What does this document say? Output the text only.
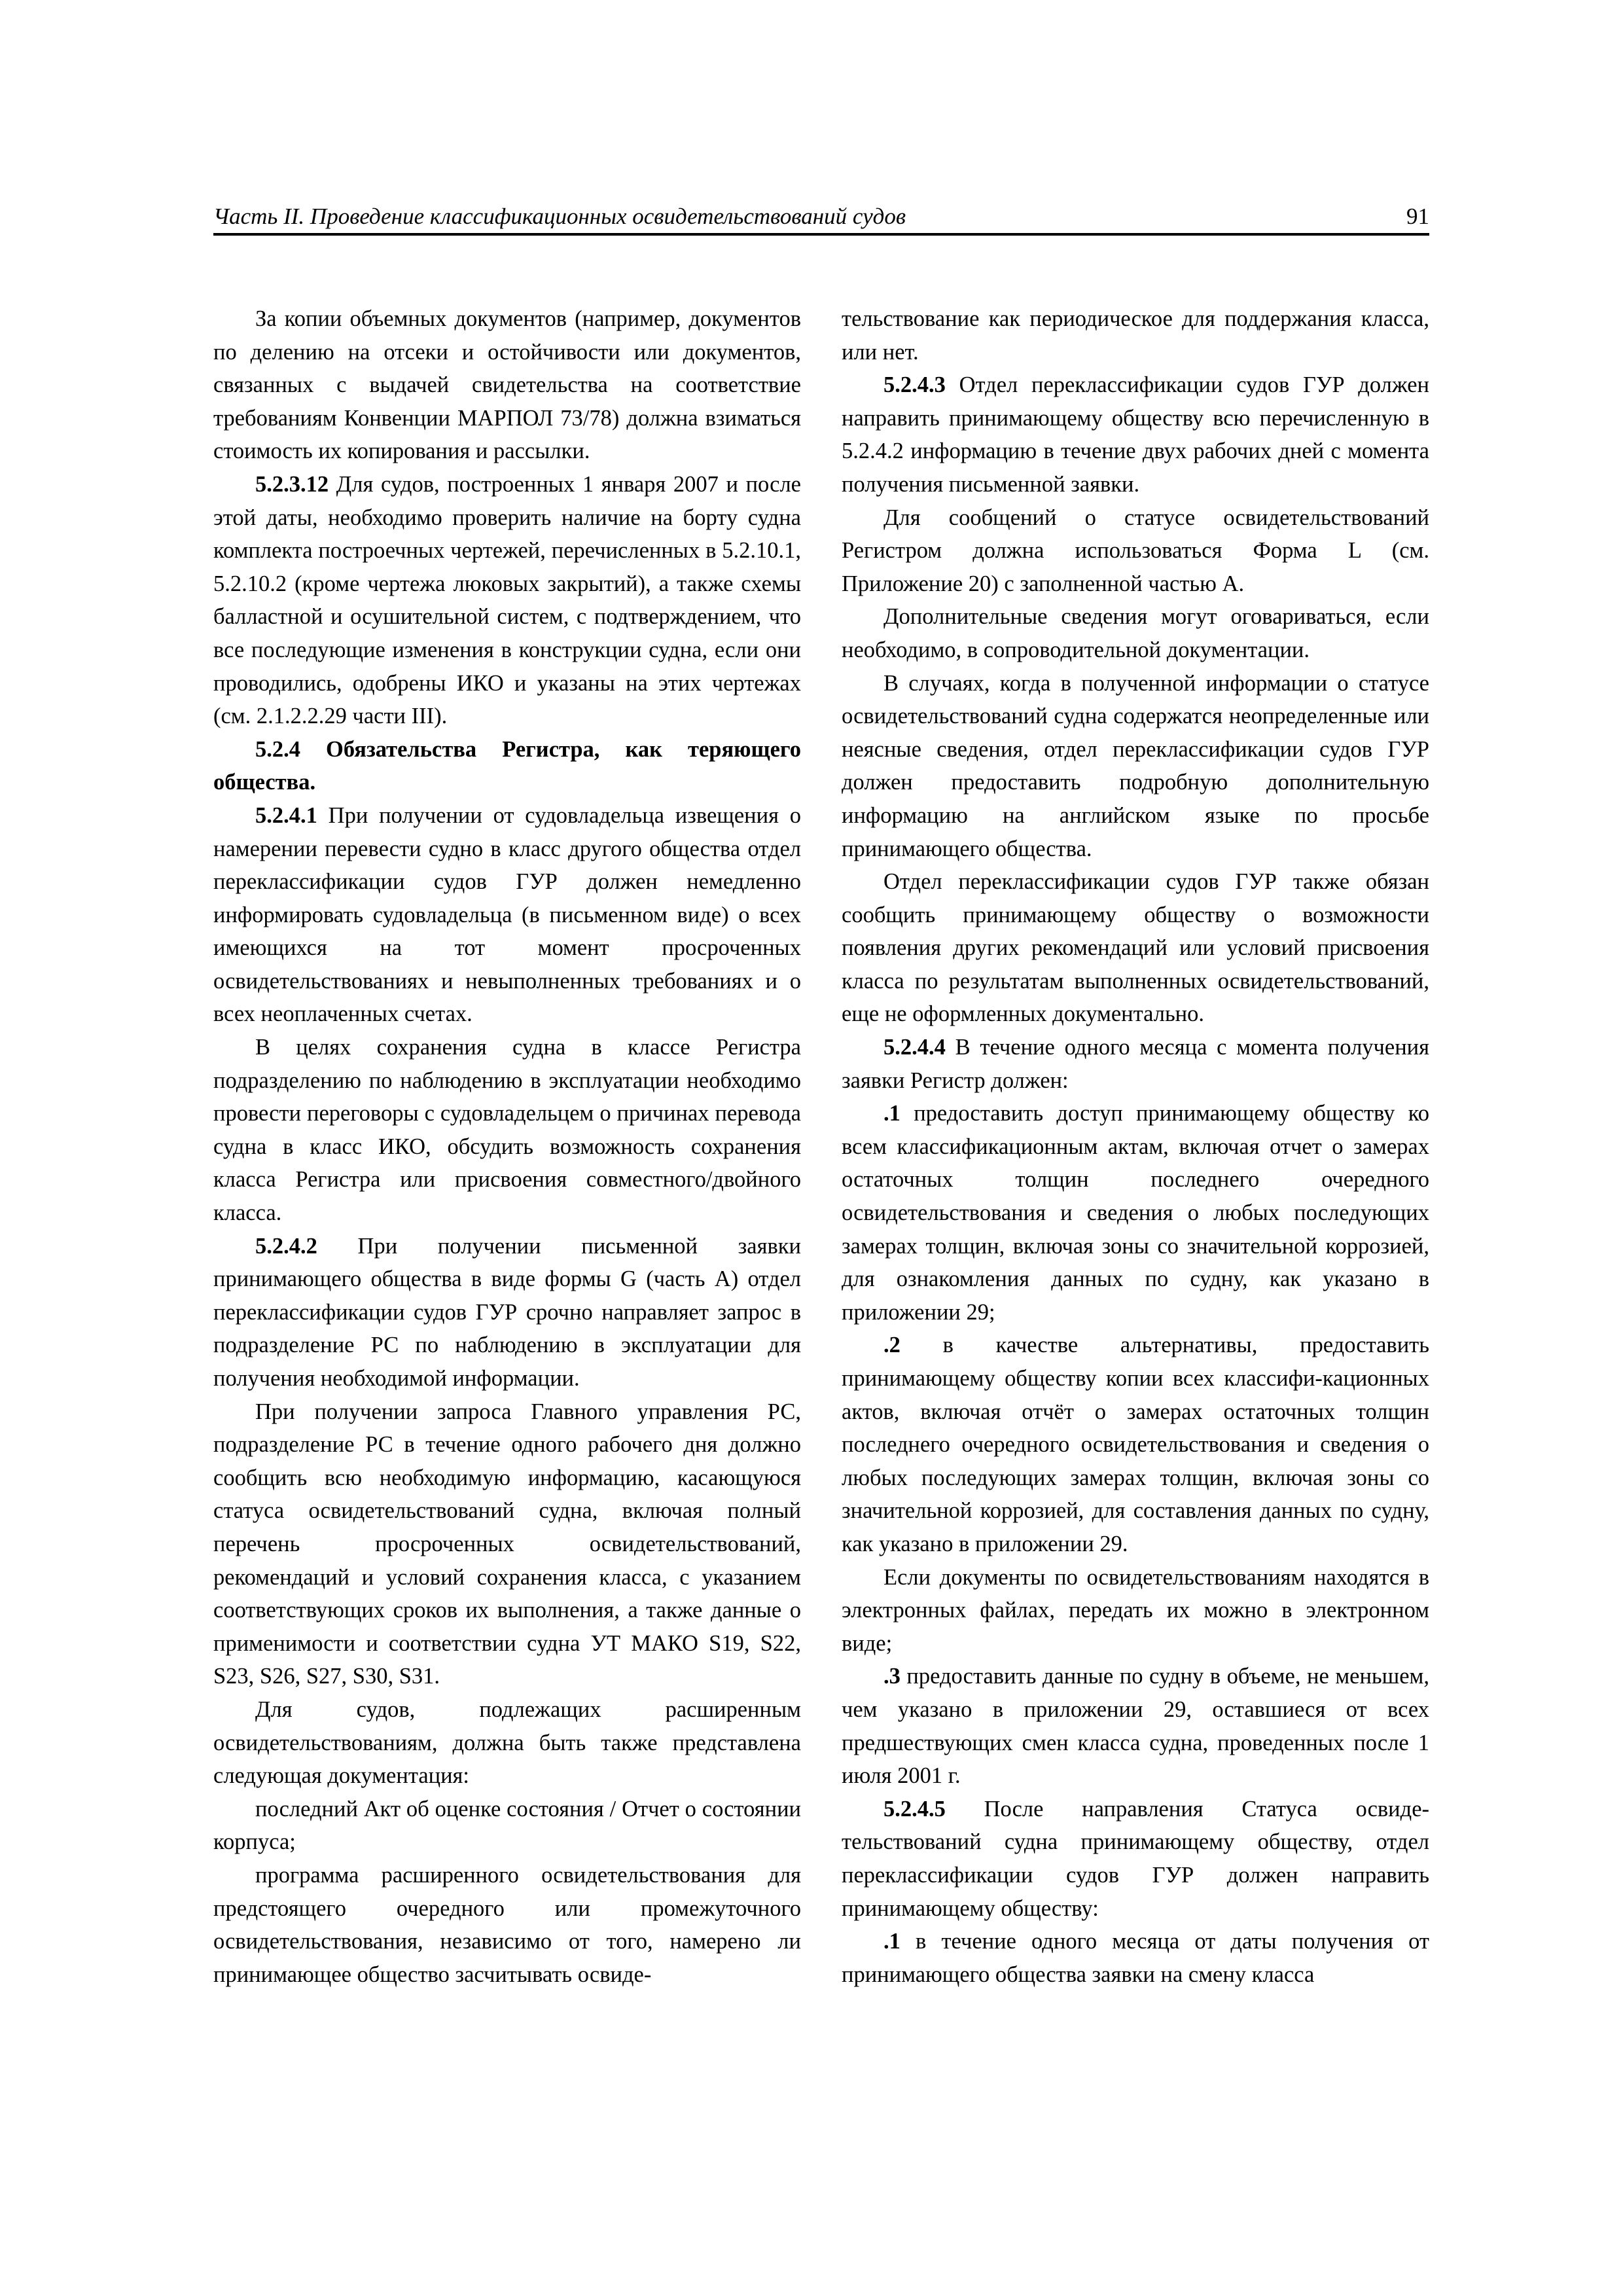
Часть II. Проведение классификационных освидетельствований судов	91

За копии объемных документов (например, документов по делению на отсеки и остойчивости или документов, связанных с выдачей свидетельства на соответствие требованиям Конвенции МАРПОЛ 73/78) должна взиматься стоимость их копирования и рассылки.

5.2.3.12 Для судов, построенных 1 января 2007 и после этой даты, необходимо проверить наличие на борту судна комплекта построечных чертежей, перечисленных в 5.2.10.1, 5.2.10.2 (кроме чертежа люковых закрытий), а также схемы балластной и осушительной систем, с подтверждением, что все последующие изменения в конструкции судна, если они проводились, одобрены ИКО и указаны на этих чертежах (см. 2.1.2.2.29 части III).

5.2.4 Обязательства Регистра, как теряющего общества.

5.2.4.1 При получении от судовладельца извещения о намерении перевести судно в класс другого общества отдел переклассификации судов ГУР должен немедленно информировать судовладельца (в письменном виде) о всех имеющихся на тот момент просроченных освидетельствованиях и невыполненных требованиях и о всех неоплаченных счетах.

В целях сохранения судна в классе Регистра подразделению по наблюдению в эксплуатации необходимо провести переговоры с судовладельцем о причинах перевода судна в класс ИКО, обсудить возможность сохранения класса Регистра или присвоения совместного/двойного класса.

5.2.4.2 При получении письменной заявки принимающего общества в виде формы G (часть A) отдел переклассификации судов ГУР срочно направляет запрос в подразделение РС по наблюдению в эксплуатации для получения необходимой информации.

При получении запроса Главного управления РС, подразделение РС в течение одного рабочего дня должно сообщить всю необходимую информацию, касающуюся статуса освидетельствований судна, включая полный перечень просроченных освидетельствований, рекомендаций и условий сохранения класса, с указанием соответствующих сроков их выполнения, а также данные о применимости и соответствии судна УТ МАКО S19, S22, S23, S26, S27, S30, S31.

Для судов, подлежащих расширенным освидетельствованиям, должна быть также представлена следующая документация:

последний Акт об оценке состояния / Отчет о состоянии корпуса;

программа расширенного освидетельствования для предстоящего очередного или промежуточного освидетельствования, независимо от того, намерено ли принимающее общество засчитывать освиде-

тельствование как периодическое для поддержания класса, или нет.

5.2.4.3 Отдел переклассификации судов ГУР должен направить принимающему обществу всю перечисленную в 5.2.4.2 информацию в течение двух рабочих дней с момента получения письменной заявки.

Для сообщений о статусе освидетельствований Регистром должна использоваться Форма L (см. Приложение 20) с заполненной частью A.

Дополнительные сведения могут оговариваться, если необходимо, в сопроводительной документации.

В случаях, когда в полученной информации о статусе освидетельствований судна содержатся неопределенные или неясные сведения, отдел переклассификации судов ГУР должен предоставить подробную дополнительную информацию на английском языке по просьбе принимающего общества.

Отдел переклассификации судов ГУР также обязан сообщить принимающему обществу о возможности появления других рекомендаций или условий присвоения класса по результатам выполненных освидетельствований, еще не оформленных документально.

5.2.4.4 В течение одного месяца с момента получения заявки Регистр должен:

.1 предоставить доступ принимающему обществу ко всем классификационным актам, включая отчет о замерах остаточных толщин последнего очередного освидетельствования и сведения о любых последующих замерах толщин, включая зоны со значительной коррозией, для ознакомления данных по судну, как указано в приложении 29;

.2 в качестве альтернативы, предоставить принимающему обществу копии всех классифи-кационных актов, включая отчёт о замерах остаточных толщин последнего очередного освидетельствования и сведения о любых последующих замерах толщин, включая зоны со значительной коррозией, для составления данных по судну, как указано в приложении 29.

Если документы по освидетельствованиям находятся в электронных файлах, передать их можно в электронном виде;

.3 предоставить данные по судну в объеме, не меньшем, чем указано в приложении 29, оставшиеся от всех предшествующих смен класса судна, проведенных после 1 июля 2001 г.

5.2.4.5 После направления Статуса освиде-тельствований судна принимающему обществу, отдел переклассификации судов ГУР должен направить принимающему обществу:

.1 в течение одного месяца от даты получения от принимающего общества заявки на смену класса
